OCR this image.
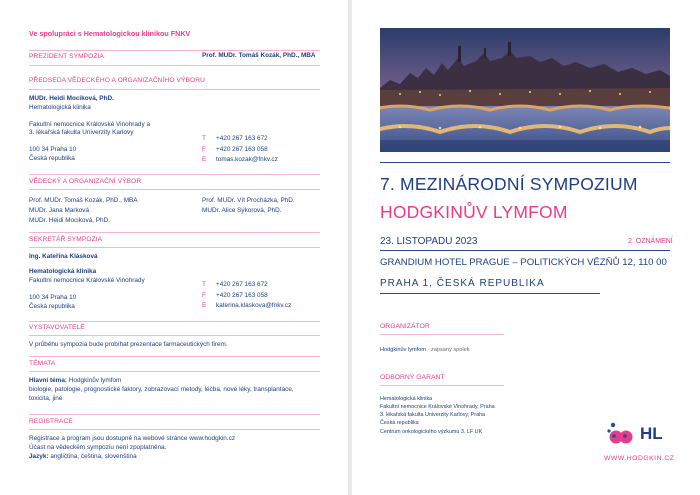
Ve spolupráci s Hematologickou klinikou FNKV
PREZIDENT SYMPOZIA	Prof. MUDr. Tomáš Kozák, PhD., MBA
PŘEDSEDA VĚDECKÉHO A ORGANIZAČNÍHO VÝBORU
MUDr. Heidi Mociková, PhD.
Hematologická klinika
Fakultní nemocnice Královské Vinohrady a
3. lékařská fakulta Univerzity Karlovy
100 34 Praha 10
Česká republika
T +420 267 163 672
F +420 267 163 058
E tomas.kozak@fnkv.cz
VĚDECKÝ A ORGANIZAČNÍ VÝBOR
Prof. MUDr. Tomáš Kozák, PhD., MBA
MUDr. Jana Marková
MUDr. Heidi Mociková, PhD.
Prof. MUDr. Vít Procházka, PhD.
MUDr. Alice Sýkorová, PhD.
SEKRETÁŘ SYMPOZIA
Ing. Kateřina Klásková
Hematologická klinika
Fakultní nemocnice Královské Vinohrady
100 34 Praha 10
Česká republika
T +420 267 163 672
F +420 267 163 058
E katerina.klaskova@fnkv.cz
VYSTAVOVATELÉ
V průběhu sympozia bude probíhat prezentace farmaceutických firem.
TÉMATA
Hlavní téma: Hodgkinův lymfom
biologie, patologie, prognostické faktory, zobrazovací metody, léčba, nové léky, transplantace,
toxicita, jiné
REGISTRACE
Registrace a program jsou dostupné na webové stránce www.hodgkin.cz
Účast na vědeckém sympoziu není zpoplatněna.
Jazyk: angličtina, čeština, slovenština
7. MEZINÁRODNÍ SYMPOZIUM
HODGKINŮV LYMFOM
23. LISTOPADU 2023	2. OZNÁMENÍ
GRANDIUM HOTEL PRAGUE – POLITICKÝCH VĚZŇŮ 12, 110 00
PRAHA 1, ČESKÁ REPUBLIKA
ORGANIZÁTOR
Hodgkinův lymfom - zapsaný spolek
ODBORNÝ GARANT
Hematologická klinika
Fakultní nemocnice Královské Vinohrady, Praha
3. lékařská fakulta Univerzity Karlovy, Praha
Česká republika
Centrum onkologického výzkumu 3. LF UK	HL
WWW.HODGKIN.CZ
